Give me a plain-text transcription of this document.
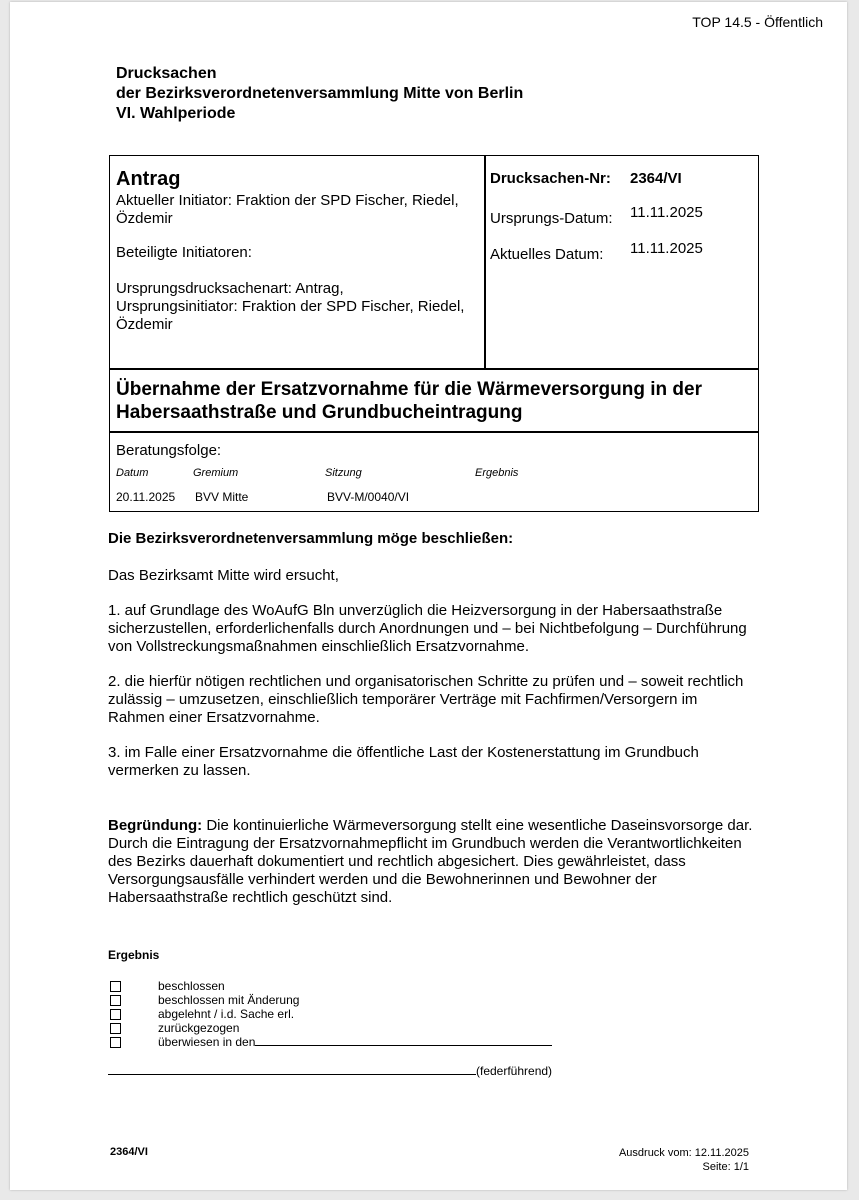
TOP 14.5 - Öffentlich
Drucksachen
der Bezirksverordnetenversammlung Mitte von Berlin
VI. Wahlperiode
Antrag
Aktueller Initiator: Fraktion der SPD Fischer, Riedel, Özdemir
Beteiligte Initiatoren:
Ursprungsdrucksachenart: Antrag,
Ursprungsinitiator: Fraktion der SPD Fischer, Riedel, Özdemir
Drucksachen-Nr: 2364/VI
Ursprungs-Datum: 11.11.2025
Aktuelles Datum: 11.11.2025
Übernahme der Ersatzvornahme für die Wärmeversorgung in der Habersaathstraße und Grundbucheintragung
Beratungsfolge:
Datum	Gremium	Sitzung	Ergebnis
20.11.2025 BVV Mitte	BVV-M/0040/VI
Die Bezirksverordnetenversammlung möge beschließen:
Das Bezirksamt Mitte wird ersucht,
1. auf Grundlage des WoAufG Bln unverzüglich die Heizversorgung in der Habersaathstraße sicherzustellen, erforderlichenfalls durch Anordnungen und – bei Nichtbefolgung – Durchführung von Vollstreckungsmaßnahmen einschließlich Ersatzvornahme.
2. die hierfür nötigen rechtlichen und organisatorischen Schritte zu prüfen und – soweit rechtlich zulässig – umzusetzen, einschließlich temporärer Verträge mit Fachfirmen/Versorgern im Rahmen einer Ersatzvornahme.
3. im Falle einer Ersatzvornahme die öffentliche Last der Kostenerstattung im Grundbuch vermerken zu lassen.
Begründung: Die kontinuierliche Wärmeversorgung stellt eine wesentliche Daseinsvorsorge dar. Durch die Eintragung der Ersatzvornahmepflicht im Grundbuch werden die Verantwortlichkeiten des Bezirks dauerhaft dokumentiert und rechtlich abgesichert. Dies gewährleistet, dass Versorgungsausfälle verhindert werden und die Bewohnerinnen und Bewohner der Habersaathstraße rechtlich geschützt sind.
Ergebnis
beschlossen
beschlossen mit Änderung
abgelehnt / i.d. Sache erl.
zurückgezogen
überwiesen in den
(federführend)
2364/VI	Ausdruck vom: 12.11.2025
Seite: 1/1
